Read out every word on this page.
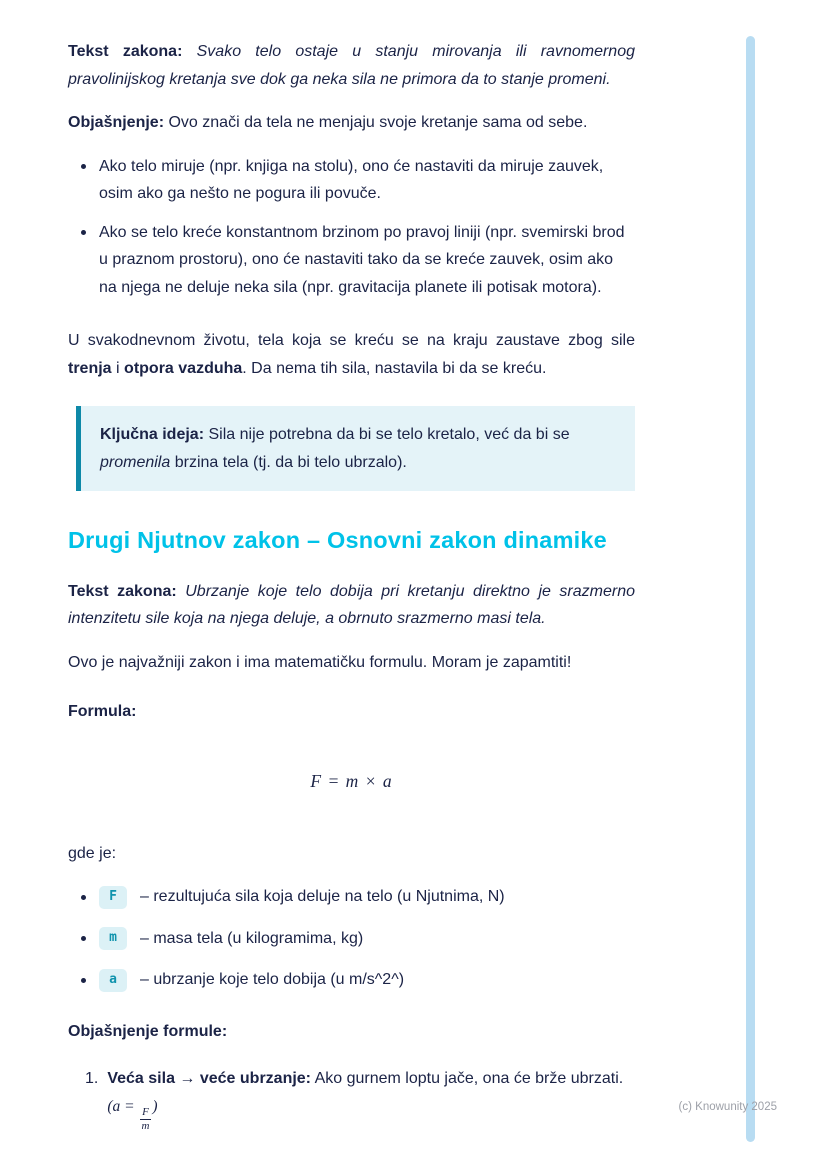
Tekst zakona: Svako telo ostaje u stanju mirovanja ili ravnomernog pravolinijskog kretanja sve dok ga neka sila ne primora da to stanje promeni.

Objašnjenje: Ovo znači da tela ne menjaju svoje kretanje sama od sebe.

Ako telo miruje (npr. knjiga na stolu), ono će nastaviti da miruje zauvek, osim ako ga nešto ne pogura ili povuče.
Ako se telo kreće konstantnom brzinom po pravoj liniji (npr. svemirski brod u praznom prostoru), ono će nastaviti tako da se kreće zauvek, osim ako na njega ne deluje neka sila (npr. gravitacija planete ili potisak motora).

U svakodnevnom životu, tela koja se kreću se na kraju zaustave zbog sile trenja i otpora vazduha. Da nema tih sila, nastavila bi da se kreću.

Ključna ideja: Sila nije potrebna da bi se telo kretalo, već da bi se promenila brzina tela (tj. da bi telo ubrzalo).
Drugi Njutnov zakon – Osnovni zakon dinamike

Tekst zakona: Ubrzanje koje telo dobija pri kretanju direktno je srazmerno intenzitetu sile koja na njega deluje, a obrnuto srazmerno masi tela.

Ovo je najvažniji zakon i ima matematičku formulu. Moram je zapamtiti!

Formula:

F = m × a

gde je:

F	– rezultujuća sila koja deluje na telo (u Njutnima, N)
m	– masa tela (u kilogramima, kg)
a	– ubrzanje koje telo dobija (u m/s^2^)

Objašnjenje formule:

1. Veća sila → veće ubrzanje: Ako gurnem loptu jače, ona će brže ubrzati. ($a = \frac{F}{m}$ )	(c) Knowunity 2025
